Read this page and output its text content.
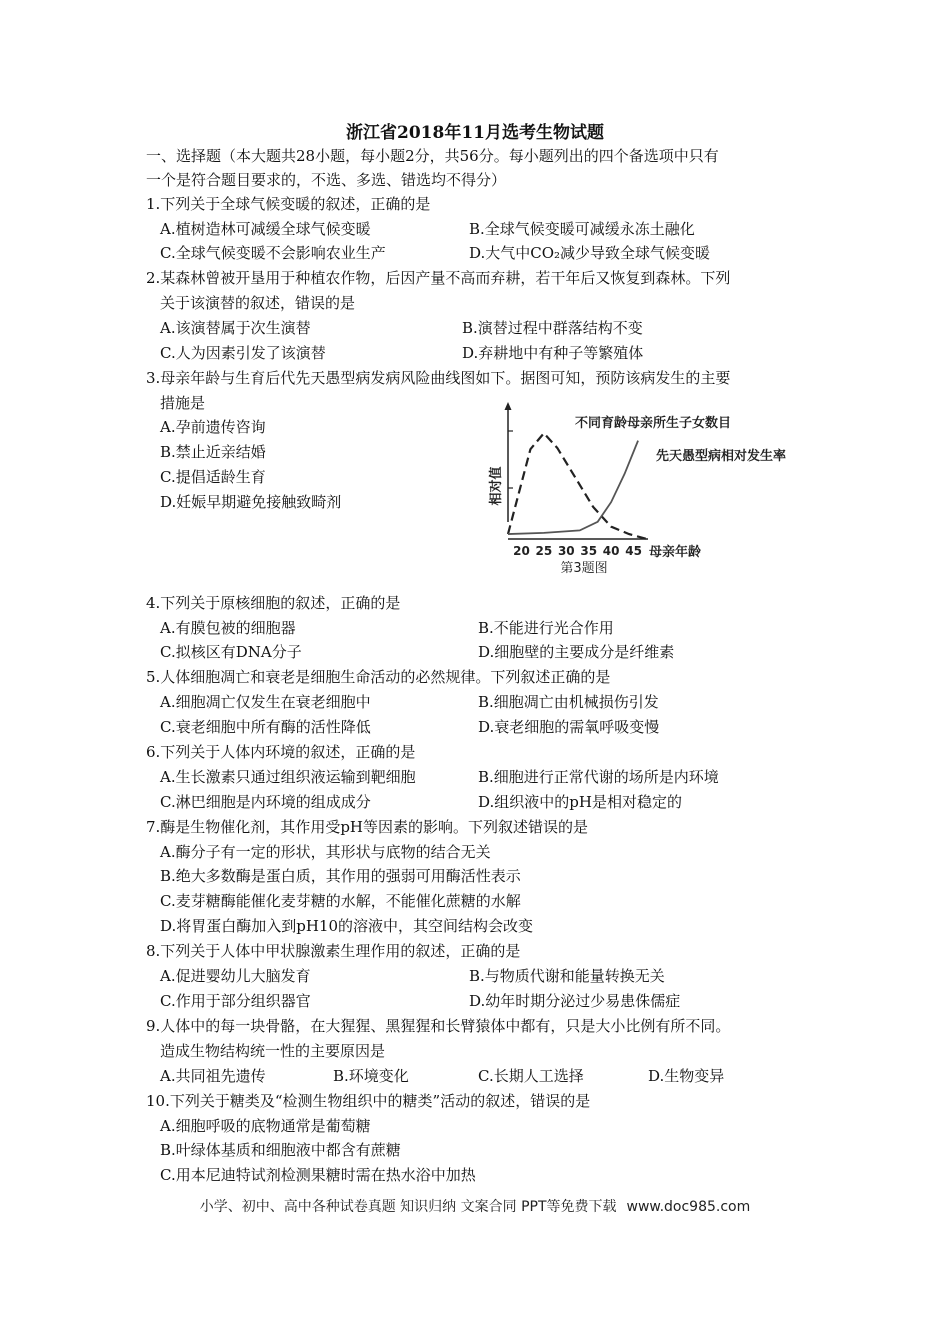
浙江省2018年11月选考生物试题
一、选择题（本大题共28小题，每小题2分，共56分。每小题列出的四个备选项中只有
一个是符合题目要求的，不选、多选、错选均不得分）
1.下列关于全球气候变暖的叙述，正确的是
A.植树造林可减缓全球气候变暖	B.全球气候变暖可减缓永冻土融化
C.全球气候变暖不会影响农业生产	D.大气中CO₂减少导致全球气候变暖
2.某森林曾被开垦用于种植农作物，后因产量不高而弃耕，若干年后又恢复到森林。下列
关于该演替的叙述，错误的是
A.该演替属于次生演替	B.演替过程中群落结构不变
C.人为因素引发了该演替	D.弃耕地中有种子等繁殖体
3.母亲年龄与生育后代先天愚型病发病风险曲线图如下。据图可知，预防该病发生的主要
措施是
A.孕前遗传咨询
B.禁止近亲结婚
C.提倡适龄生育
D.妊娠早期避免接触致畸剂	相对值
20 25 30 35 40 45 母亲年龄
第3题图
不同育龄母亲所生子女数目
先天愚型病相对发生率
4.下列关于原核细胞的叙述，正确的是
A.有膜包被的细胞器	B.不能进行光合作用
C.拟核区有DNA分子	D.细胞壁的主要成分是纤维素
5.人体细胞凋亡和衰老是细胞生命活动的必然规律。下列叙述正确的是
A.细胞凋亡仅发生在衰老细胞中	B.细胞凋亡由机械损伤引发
C.衰老细胞中所有酶的活性降低	D.衰老细胞的需氧呼吸变慢
6.下列关于人体内环境的叙述，正确的是
A.生长激素只通过组织液运输到靶细胞	B.细胞进行正常代谢的场所是内环境
C.淋巴细胞是内环境的组成成分	D.组织液中的pH是相对稳定的
7.酶是生物催化剂，其作用受pH等因素的影响。下列叙述错误的是
A.酶分子有一定的形状，其形状与底物的结合无关
B.绝大多数酶是蛋白质，其作用的强弱可用酶活性表示
C.麦芽糖酶能催化麦芽糖的水解，不能催化蔗糖的水解
D.将胃蛋白酶加入到pH10的溶液中，其空间结构会改变
8.下列关于人体中甲状腺激素生理作用的叙述，正确的是
A.促进婴幼儿大脑发育	B.与物质代谢和能量转换无关
C.作用于部分组织器官	D.幼年时期分泌过少易患侏儒症
9.人体中的每一块骨骼，在大猩猩、黑猩猩和长臂猿体中都有，只是大小比例有所不同。
造成生物结构统一性的主要原因是
A.共同祖先遗传	B.环境变化	C.长期人工选择	D.生物变异
10.下列关于糖类及“检测生物组织中的糖类”活动的叙述，错误的是
A.细胞呼吸的底物通常是葡萄糖
B.叶绿体基质和细胞液中都含有蔗糖
C.用本尼迪特试剂检测果糖时需在热水浴中加热
小学、初中、高中各种试卷真题 知识归纳 文案合同 PPT等免费下载 www.doc985.com
